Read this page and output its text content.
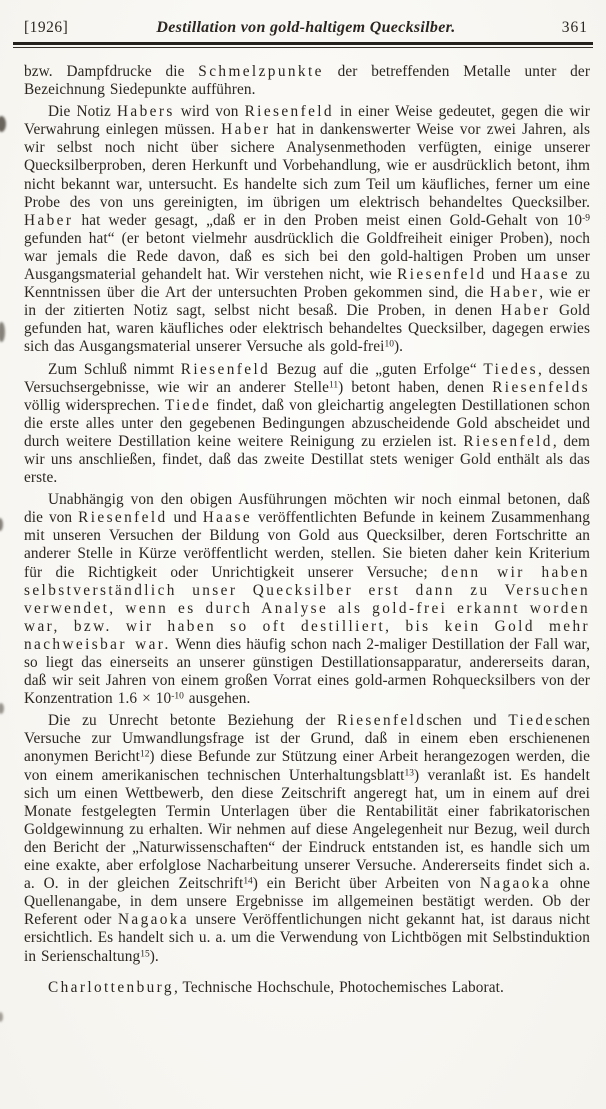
[1926]	Destillation von gold-haltigem Quecksilber.	361

bzw. Dampfdrucke die Schmelzpunkte der betreffenden Metalle unter der Bezeichnung Siedepunkte aufführen.

Die Notiz Habers wird von Riesenfeld in einer Weise gedeutet, gegen die wir Verwahrung einlegen müssen. Haber hat in dankenswerter Weise vor zwei Jahren, als wir selbst noch nicht über sichere Analysenmethoden verfügten, einige unserer Quecksilberproben, deren Herkunft und Vorbehandlung, wie er ausdrücklich betont, ihm nicht bekannt war, untersucht. Es handelte sich zum Teil um käufliches, ferner um eine Probe des von uns gereinigten, im übrigen um elektrisch behandeltes Quecksilber. Haber hat weder gesagt, „daß er in den Proben meist einen Gold-Gehalt von $10^{-9}$ gefunden hat“ (er betont vielmehr ausdrücklich die Goldfreiheit einiger Proben), noch war jemals die Rede davon, daß es sich bei den gold-haltigen Proben um unser Ausgangsmaterial gehandelt hat. Wir verstehen nicht, wie Riesenfeld und Haase zu Kenntnissen über die Art der untersuchten Proben gekommen sind, die Haber, wie er in der zitierten Notiz sagt, selbst nicht besaß. Die Proben, in denen Haber Gold gefunden hat, waren käufliches oder elektrisch behandeltes Quecksilber, dagegen erwies sich das Ausgangsmaterial unserer Versuche als gold-frei$^{10}$).

Zum Schluß nimmt Riesenfeld Bezug auf die „guten Erfolge“ Tiedes, dessen Versuchsergebnisse, wie wir an anderer Stelle$^{11}$) betont haben, denen Riesenfelds völlig widersprechen. Tiede findet, daß von gleichartig angelegten Destillationen schon die erste alles unter den gegebenen Bedingungen abzuscheidende Gold abscheidet und durch weitere Destillation keine weitere Reinigung zu erzielen ist. Riesenfeld, dem wir uns anschließen, findet, daß das zweite Destillat stets weniger Gold enthält als das erste.

Unabhängig von den obigen Ausführungen möchten wir noch einmal betonen, daß die von Riesenfeld und Haase veröffentlichten Befunde in keinem Zusammenhang mit unseren Versuchen der Bildung von Gold aus Quecksilber, deren Fortschritte an anderer Stelle in Kürze veröffentlicht werden, stellen. Sie bieten daher kein Kriterium für die Richtigkeit oder Unrichtigkeit unserer Versuche; denn wir haben selbstverständlich unser Quecksilber erst dann zu Versuchen verwendet, wenn es durch Analyse als gold-frei erkannt worden war, bzw. wir haben so oft destilliert, bis kein Gold mehr nachweisbar war. Wenn dies häufig schon nach 2-maliger Destillation der Fall war, so liegt das einerseits an unserer günstigen Destillationsapparatur, andererseits daran, daß wir seit Jahren von einem großen Vorrat eines gold-armen Rohquecksilbers von der Konzentration $1.6 \times 10^{-10}$ ausgehen.

Die zu Unrecht betonte Beziehung der Riesenfeldschen und Tiedeschen Versuche zur Umwandlungsfrage ist der Grund, daß in einem eben erschienenen anonymen Bericht$^{12}$) diese Befunde zur Stützung einer Arbeit herangezogen werden, die von einem amerikanischen technischen Unterhaltungsblatt$^{13}$) veranlaßt ist. Es handelt sich um einen Wettbewerb, den diese Zeitschrift angeregt hat, um in einem auf drei Monate festgelegten Termin Unterlagen über die Rentabilität einer fabrikatorischen Goldgewinnung zu erhalten. Wir nehmen auf diese Angelegenheit nur Bezug, weil durch den Bericht der „Naturwissenschaften“ der Eindruck entstanden ist, es handle sich um eine exakte, aber erfolglose Nacharbeitung unserer Versuche. Andererseits findet sich a. a. O. in der gleichen Zeitschrift$^{14}$) ein Bericht über Arbeiten von Nagaoka ohne Quellenangabe, in dem unsere Ergebnisse im allgemeinen bestätigt werden. Ob der Referent oder Nagaoka unsere Veröffentlichungen nicht gekannt hat, ist daraus nicht ersichtlich. Es handelt sich u. a. um die Verwendung von Lichtbögen mit Selbstinduktion in Serienschaltung$^{15}$).

Charlottenburg, Technische Hochschule, Photochemisches Laborat.
